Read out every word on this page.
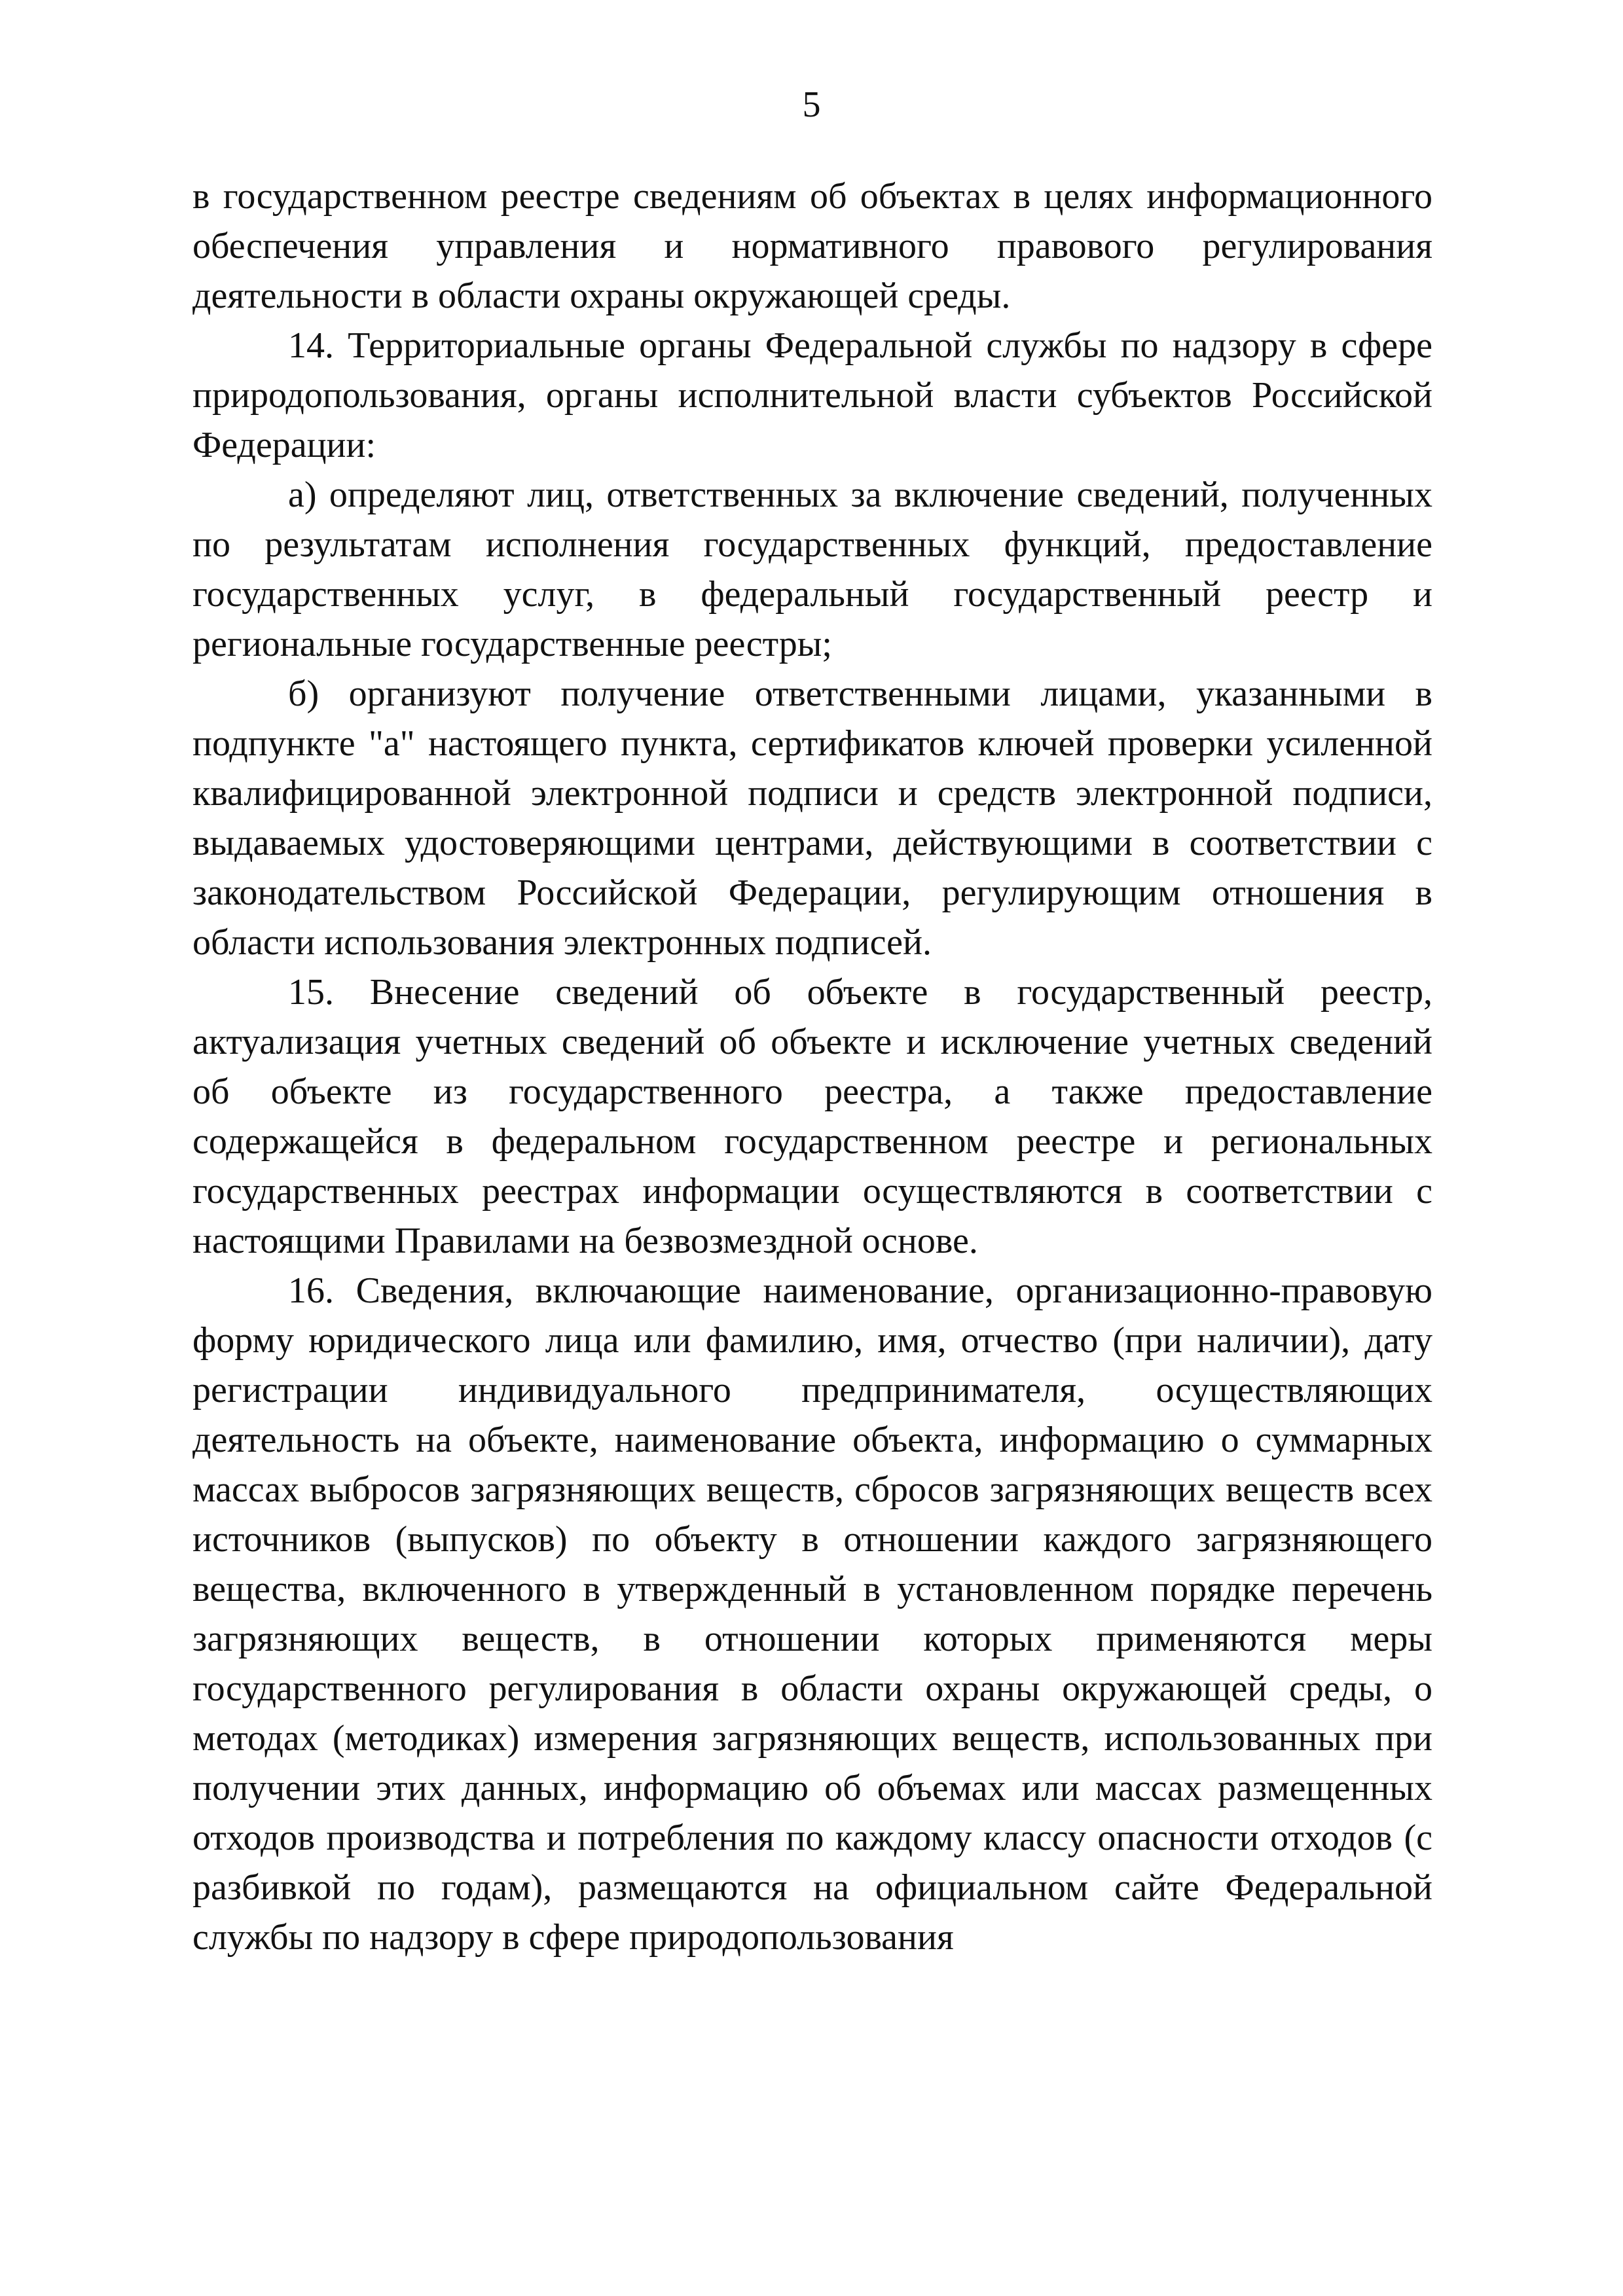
5

в государственном реестре сведениям об объектах в целях информационного обеспечения управления и нормативного правового регулирования деятельности в области охраны окружающей среды.

14. Территориальные органы Федеральной службы по надзору в сфере природопользования, органы исполнительной власти субъектов Российской Федерации:

а) определяют лиц, ответственных за включение сведений, полученных по результатам исполнения государственных функций, предоставление государственных услуг, в федеральный государственный реестр и региональные государственные реестры;

б) организуют получение ответственными лицами, указанными в подпункте "а" настоящего пункта, сертификатов ключей проверки усиленной квалифицированной электронной подписи и средств электронной подписи, выдаваемых удостоверяющими центрами, действующими в соответствии с законодательством Российской Федерации, регулирующим отношения в области использования электронных подписей.

15. Внесение сведений об объекте в государственный реестр, актуализация учетных сведений об объекте и исключение учетных сведений об объекте из государственного реестра, а также предоставление содержащейся в федеральном государственном реестре и региональных государственных реестрах информации осуществляются в соответствии с настоящими Правилами на безвозмездной основе.

16. Сведения, включающие наименование, организационно-правовую форму юридического лица или фамилию, имя, отчество (при наличии), дату регистрации индивидуального предпринимателя, осуществляющих деятельность на объекте, наименование объекта, информацию о суммарных массах выбросов загрязняющих веществ, сбросов загрязняющих веществ всех источников (выпусков) по объекту в отношении каждого загрязняющего вещества, включенного в утвержденный в установленном порядке перечень загрязняющих веществ, в отношении которых применяются меры государственного регулирования в области охраны окружающей среды, о методах (методиках) измерения загрязняющих веществ, использованных при получении этих данных, информацию об объемах или массах размещенных отходов производства и потребления по каждому классу опасности отходов (с разбивкой по годам), размещаются на официальном сайте Федеральной службы по надзору в сфере природопользования
